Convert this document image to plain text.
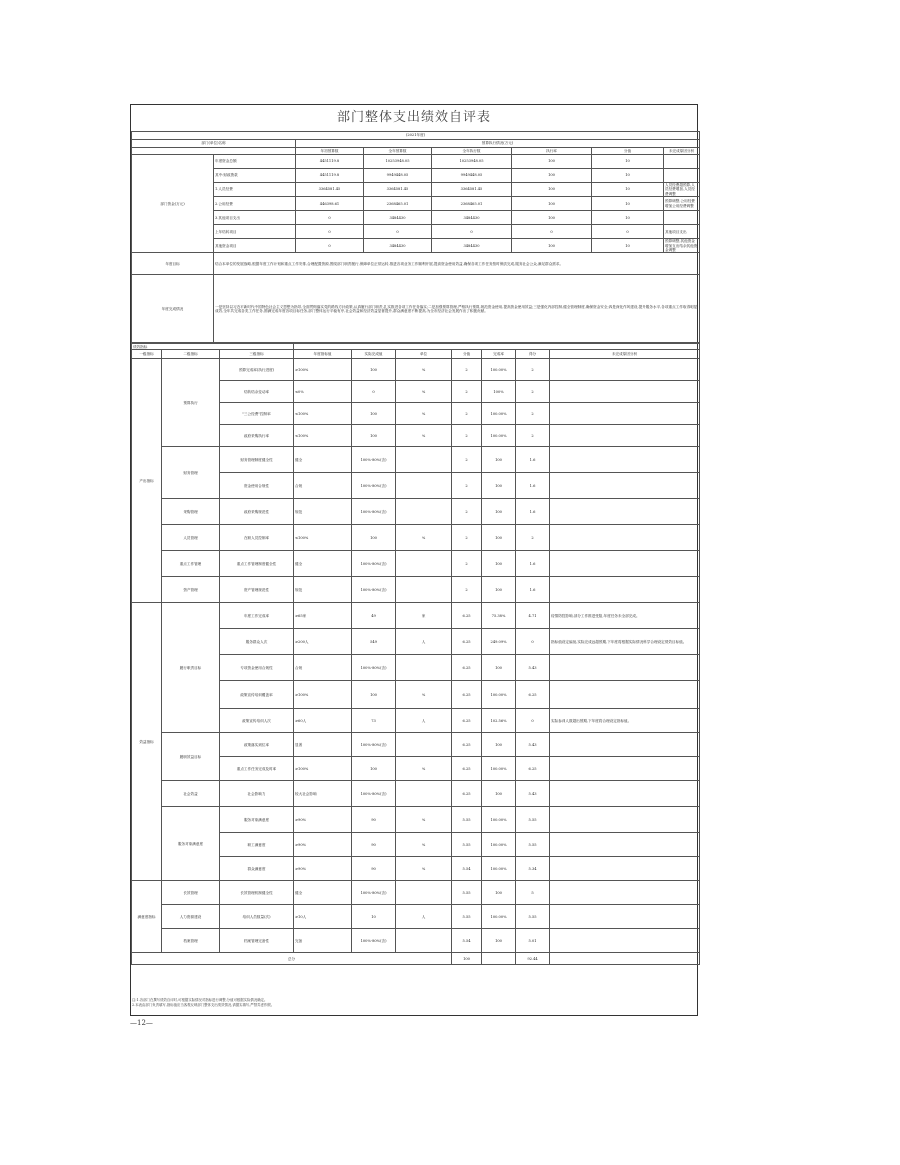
部门整体支出绩效自评表
(2021年度)							
部门(单位)名称		预算执行情况(万元)					
		年初预算数	全年预算数	全年执行数	执行率	分值	未完成原因分析
部门资金(万元)	年度资金总额	4451119.8	10253948.05	10253948.05	100	10	
	其中:财政拨款	4451119.8	9949448.05	9949448.05	100	10	
	1.人员经费	3364581.45	3364581.45	3364581.45	100	10	人员经费超预算,人员经费增加,人员经费调整
	2.公用经费	446398.61	2368465.01	2368465.01	100	10	预算调整,公用经费增加公用经费调整
	3.其他项目支出	0	3484430	3484430	100	10	
	上年结转项目	0	0	0	0	0	其他项目支出
	其他资金项目	0	3484430	3484430	100	10	预算调整,其他资金增加支出结余其他资金调整
年度目标	结合本单位的发展战略,根据年度工作计划和重点工作安排,合理配置资源,围绕部门职责履行,保障单位正常运转,推进各项业务工作顺利开展,提高资金使用效益,确保各项工作任务按时保质完成,服务社会公众,满足群众需求。						
年度完成情况	一是坚持以习近平新时代中国特色社会主义思想为指导,全面贯彻落实党的路线方针政策,认真履行部门职责,扎实推进各项工作任务落实;二是加强预算管理,严格执行预算,规范资金使用,提高资金使用效益;三是强化内部控制,健全管理制度,确保资金安全;四是深化作风建设,提升服务水平,各项重点工作取得明显成效,全年共完成各类工作任务,圆满完成年度各项目标任务,部门整体运行平稳有序,社会效益和经济效益显著提升,群众满意度不断提高,为全市经济社会发展作出了积极贡献。						
绩效指标									
一级指标	二级指标	三级指标	年度指标值	实际完成值	单位	分值	完成率	得分	未完成原因分析
产出指标	预算执行	预算完成率(执行进度)	≥100%	100	%	2	100.00%	2	
		结转结余变动率	≤0%	0	%	2	100%	2	
		"三公经费"控制率	≤100%	100	%	2	100.00%	2	
		政府采购执行率	≤100%	100	%	2	100.00%	2	
	财务管理	财务管理制度健全性	健全	100%-80%(含)		2	100	1.6	
		资金使用合规性	合规	100%-80%(含)		2	100	1.6	
	采购管理	政府采购规范性	规范	100%-80%(含)		2	100	1.6	
	人员管理	在职人员控制率	≤100%	100	%	2	100	2	
	重点工作管理	重点工作管理制度健全性	健全	100%-80%(含)		2	100	1.6	
	资产管理	资产管理规范性	规范	100%-80%(含)		2	100	1.6	
效益指标	履行职责目标	年度工作完成率	≥65家	49	家	6.25	75.38%	4.71	疫情防控影响,部分工作推进受阻,年度任务未全部完成。
		服务群众人次	≥200人	549	人	6.25	249.09%	0	指标值设定偏低,实际完成远超预期,下年度将根据实际情况科学合理设定绩效目标值。
		专项资金使用合规性	合规	100%-80%(含)		6.25	100	5.43	
		政策宣传培训覆盖率	≥100%	100	%	6.25	100.00%	6.25	
		政策宣传培训人次	≥60人	73	人	6.25	102.56%	0	实际参训人数超出预期,下年度将合理设定指标值。
	履职效益目标	政策落实到位率	显著	100%-80%(含)		6.25	100	5.43	
		重点工作任务完成及时率	≥100%	100	%	6.25	100.00%	6.25	
	社会效益	社会影响力	较大社会影响	100%-80%(含)		6.25	100	5.43	
	服务对象满意度	服务对象满意度	≥90%	90	%	5.55	100.00%	5.55	
		职工满意度	≥90%	90	%	5.55	100.00%	5.55	
		群众满意度	≥90%	90	%	5.54	100.00%	5.34	
满意度指标	长效管理	长效管理机制健全性	健全	100%-80%(含)		5.55	100	5	
	人力资源建设	培训人员数量(次)	≥10人	10	人	5.55	100.00%	5.55	
	档案管理	档案管理完备性	完备	100%-80%(含)		5.54	100	5.01	
总分						100		92.44	
注:1.各部门在撰写绩效自评时,可根据实际情况对指标进行调整,分值可根据实际情况确定。
2.本表由部门负责填写,指标值应当客观反映部门整体支出绩效情况,请据实填写,严禁弄虚作假。
—12—
